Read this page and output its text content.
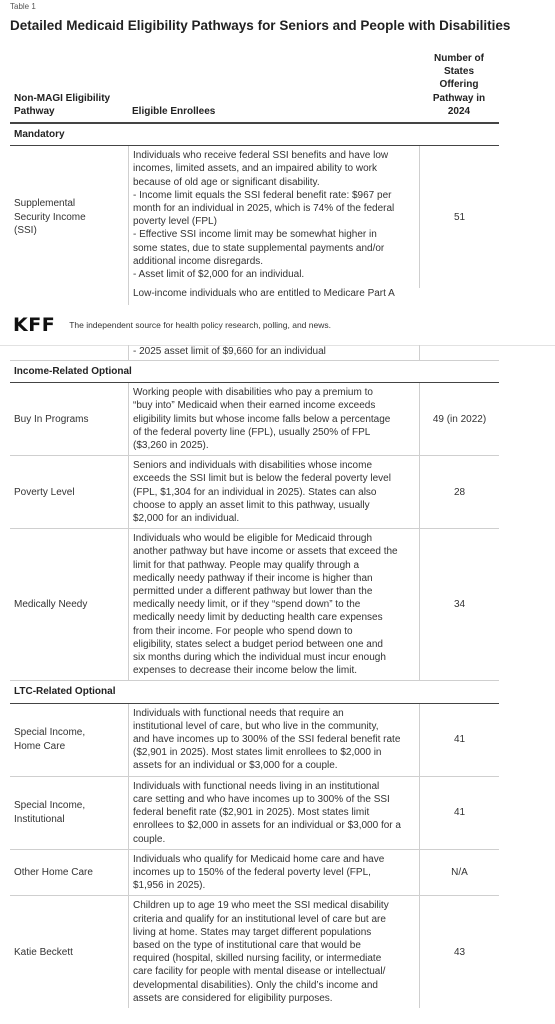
Table 1
Detailed Medicaid Eligibility Pathways for Seniors and People with Disabilities
Non-MAGI Eligibility Pathway	Eligible Enrollees
Number of
States
Offering
Pathway in
2024
Mandatory
Supplemental
Security Income
(SSI)
Individuals who receive federal SSI benefits and have low
incomes, limited assets, and an impaired ability to work
because of old age or significant disability.
- Income limit equals the SSI federal benefit rate: $967 per
month for an individual in 2025, which is 74% of the federal
poverty level (FPL)
- Effective SSI income limit may be somewhat higher in
some states, due to state supplemental payments and/or
additional income disregards.
- Asset limit of $2,000 for an individual.
Low-income individuals who are entitled to Medicare Part A
51
KFF The independent source for health policy research, polling, and news.
- 2025 asset limit of $9,660 for an individual
Income-Related Optional
Buy In Programs
Working people with disabilities who pay a premium to
“buy into” Medicaid when their earned income exceeds
eligibility limits but whose income falls below a percentage
of the federal poverty line (FPL), usually 250% of FPL
($3,260 in 2025).
49 (in 2022)
Poverty Level
Seniors and individuals with disabilities whose income
exceeds the SSI limit but is below the federal poverty level
(FPL, $1,304 for an individual in 2025). States can also
choose to apply an asset limit to this pathway, usually
$2,000 for an individual.
28
Medically Needy
Individuals who would be eligible for Medicaid through
another pathway but have income or assets that exceed the
limit for that pathway. People may qualify through a
medically needy pathway if their income is higher than
permitted under a different pathway but lower than the
medically needy limit, or if they “spend down” to the
medically needy limit by deducting health care expenses
from their income. For people who spend down to
eligibility, states select a budget period between one and
six months during which the individual must incur enough
expenses to decrease their income below the limit.
34
LTC-Related Optional
Special Income,
Home Care
Individuals with functional needs that require an
institutional level of care, but who live in the community,
and have incomes up to 300% of the SSI federal benefit rate
($2,901 in 2025). Most states limit enrollees to $2,000 in
assets for an individual or $3,000 for a couple.
41
Special Income,
Institutional
Individuals with functional needs living in an institutional
care setting and who have incomes up to 300% of the SSI
federal benefit rate ($2,901 in 2025). Most states limit
enrollees to $2,000 in assets for an individual or $3,000 for a
couple.
41
Other Home Care
Individuals who qualify for Medicaid home care and have
incomes up to 150% of the federal poverty level (FPL,
$1,956 in 2025).
N/A
Katie Beckett
Children up to age 19 who meet the SSI medical disability
criteria and qualify for an institutional level of care but are
living at home. States may target different populations
based on the type of institutional care that would be
required (hospital, skilled nursing facility, or intermediate
care facility for people with mental disease or intellectual/
developmental disabilities). Only the child’s income and
assets are considered for eligibility purposes.
43
